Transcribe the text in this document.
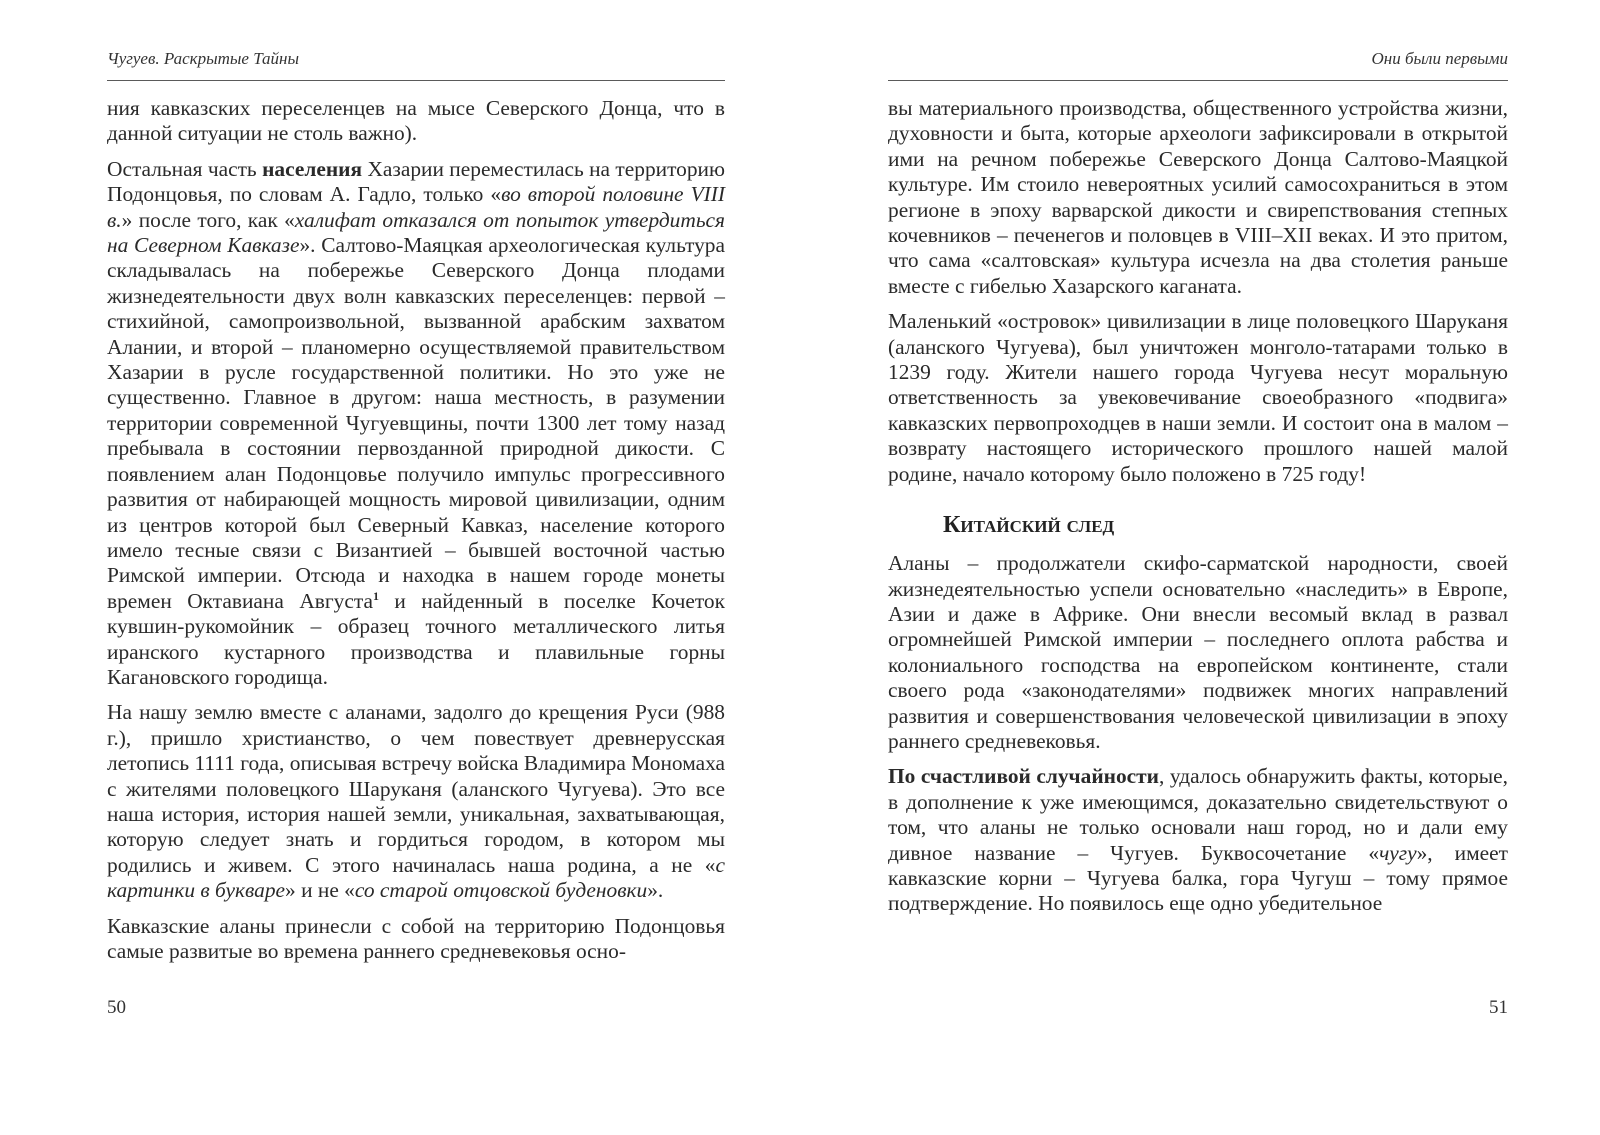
Чугуев. Раскрытые Тайны

ния кавказских переселенцев на мысе Северского Донца, что в данной ситуации не столь важно).

Остальная часть населения Хазарии переместилась на территорию Подонцовья, по словам А. Гадло, только «во второй половине VIII в.» после того, как «халифат отказался от попыток утвердиться на Северном Кавказе». Салтово-Маяцкая археологическая культура складывалась на побережье Северского Донца плодами жизнедеятельности двух волн кавказских переселенцев: первой – стихийной, самопроизвольной, вызванной арабским захватом Алании, и второй – планомерно осуществляемой правительством Хазарии в русле государственной политики. Но это уже не существенно. Главное в другом: наша местность, в разумении территории современной Чугуевщины, почти 1300 лет тому назад пребывала в состоянии первозданной природной дикости. С появлением алан Подонцовье получило импульс прогрессивного развития от набирающей мощность мировой цивилизации, одним из центров которой был Северный Кавказ, население которого имело тесные связи с Византией – бывшей восточной частью Римской империи. Отсюда и находка в нашем городе монеты времен Октавиана Августа$^1$ и найденный в поселке Кочеток кувшин-рукомойник – образец точного металлического литья иранского кустарного производства и плавильные горны Кагановского городища.

На нашу землю вместе с аланами, задолго до крещения Руси (988 г.), пришло христианство, о чем повествует древнерусская летопись 1111 года, описывая встречу войска Владимира Мономаха с жителями половецкого Шаруканя (аланского Чугуева). Это все наша история, история нашей земли, уникальная, захватывающая, которую следует знать и гордиться городом, в котором мы родились и живем. С этого начиналась наша родина, а не «с картинки в букваре» и не «со старой отцовской буденовки».

Кавказские аланы принесли с собой на территорию Подонцовья самые развитые во времена раннего средневековья осно-

50
Они были первыми

вы материального производства, общественного устройства жизни, духовности и быта, которые археологи зафиксировали в открытой ими на речном побережье Северского Донца Салтово-Маяцкой культуре. Им стоило невероятных усилий самосохраниться в этом регионе в эпоху варварской дикости и свирепствования степных кочевников – печенегов и половцев в VIII–XII веках. И это притом, что сама «салтовская» культура исчезла на два столетия раньше вместе с гибелью Хазарского каганата.

Маленький «островок» цивилизации в лице половецкого Шаруканя (аланского Чугуева), был уничтожен монголо-татарами только в 1239 году. Жители нашего города Чугуева несут моральную ответственность за увековечивание своеобразного «подвига» кавказских первопроходцев в наши земли. И состоит она в малом – возврату настоящего исторического прошлого нашей малой родине, начало которому было положено в 725 году!

Китайский след

Аланы – продолжатели скифо-сарматской народности, своей жизнедеятельностью успели основательно «наследить» в Европе, Азии и даже в Африке. Они внесли весомый вклад в развал огромнейшей Римской империи – последнего оплота рабства и колониального господства на европейском континенте, стали своего рода «законодателями» подвижек многих направлений развития и совершенствования человеческой цивилизации в эпоху раннего средневековья.

По счастливой случайности, удалось обнаружить факты, которые, в дополнение к уже имеющимся, доказательно свидетельствуют о том, что аланы не только основали наш город, но и дали ему дивное название – Чугуев. Буквосочетание «чугу», имеет кавказские корни – Чугуева балка, гора Чугуш – тому прямое подтверждение. Но появилось еще одно убедительное

51
